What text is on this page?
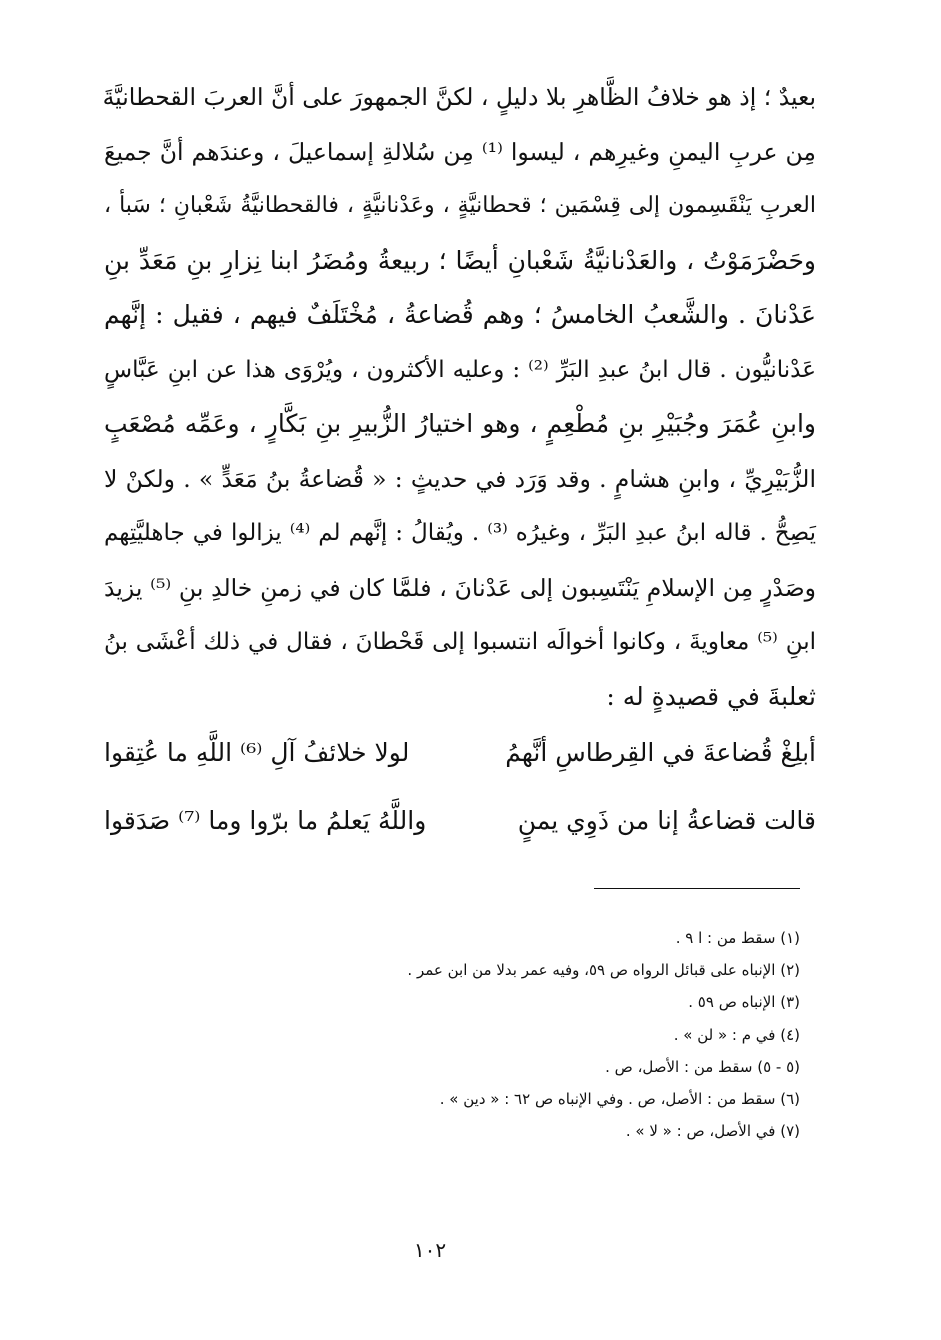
بعيدٌ ؛ إذ هو خلافُ الظَّاهرِ بلا دليلٍ ، لكنَّ الجمهورَ على أنَّ العربَ القحطانيَّةَ
مِن عربِ اليمنِ وغيرِهم ، ليسوا ⁽¹⁾ مِن سُلالةِ إسماعيلَ ، وعندَهم أنَّ جميعَ
العربِ يَنْقَسِمون إلى قِسْمَين ؛ قحطانيَّةٍ ، وعَدْنانيَّةٍ ، فالقحطانيَّةُ شَعْبانِ ؛ سَبأ ،
وحَضْرَمَوْتُ ، والعَدْنانيَّةُ شَعْبانِ أيضًا ؛ ربيعةُ ومُضَرُ ابنا نِزارِ بنِ مَعَدِّ بنِ
عَدْنانَ . والشَّعبُ الخامسُ ؛ وهم قُضاعةُ ، مُخْتَلَفٌ فيهم ، فقيل : إنَّهم
عَدْنانيُّون . قال ابنُ عبدِ البَرِّ ⁽²⁾ : وعليه الأكثرون ، ويُرْوَى هذا عن ابنِ عَبَّاسٍ
وابنِ عُمَرَ وجُبَيْرِ بنِ مُطْعِمٍ ، وهو اختيارُ الزُّبيرِ بنِ بَكَّارٍ ، وعَمِّه مُصْعَبٍ
الزُّبَيْرِيِّ ، وابنِ هشامٍ . وقد وَرَد في حديثٍ : « قُضاعةُ بنُ مَعَدٍّ » . ولكنْ لا
يَصِحُّ . قاله ابنُ عبدِ البَرِّ ، وغيرُه ⁽³⁾ . ويُقالُ : إنَّهم لم ⁽⁴⁾ يزالوا في جاهليَّتِهم
وصَدْرٍ مِن الإسلامِ يَنْتَسِبون إلى عَدْنانَ ، فلمَّا كان في زمنِ خالدِ بنِ ⁽⁵⁾ يزيدَ
ابنِ ⁽⁵⁾ معاويةَ ، وكانوا أخوالَه انتسبوا إلى قَحْطانَ ، فقال في ذلك أعْشَى بنُ
ثعلبةَ في قصيدةٍ له :
أبلِغْ قُضاعةَ في القِرطاسِ أنَّهمُ
لولا خلائفُ آلِ ⁽⁶⁾ اللَّهِ ما عُتِقوا
قالت قضاعةُ إنا من ذَوِي يمنٍ
واللَّهُ يَعلمُ ما برّوا وما ⁽⁷⁾ صَدَقوا
(١) سقط من : ا ٩ .
(٢) الإنباه على قبائل الرواه ص ٥٩، وفيه عمر بدلا من ابن عمر .
(٣) الإنباه ص ٥٩ .
(٤) في م : « لن » .
(٥ - ٥) سقط من : الأصل، ص .
(٦) سقط من : الأصل، ص . وفي الإنباه ص ٦٢ : « دين » .
(٧) في الأصل، ص : « لا » .
١٠٢
